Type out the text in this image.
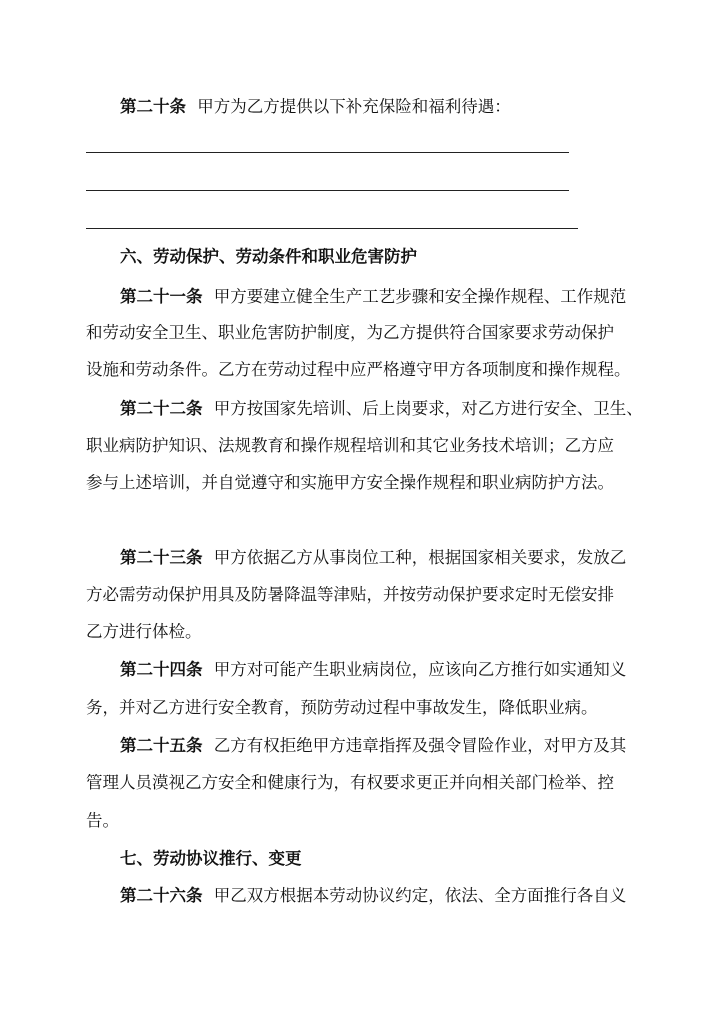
第二十条 甲方为乙方提供以下补充保险和福利待遇：
六、劳动保护、劳动条件和职业危害防护
第二十一条 甲方要建立健全生产工艺步骤和安全操作规程、工作规范
和劳动安全卫生、职业危害防护制度，为乙方提供符合国家要求劳动保护
设施和劳动条件。乙方在劳动过程中应严格遵守甲方各项制度和操作规程。
第二十二条 甲方按国家先培训、后上岗要求，对乙方进行安全、卫生、
职业病防护知识、法规教育和操作规程培训和其它业务技术培训；乙方应
参与上述培训，并自觉遵守和实施甲方安全操作规程和职业病防护方法。
第二十三条 甲方依据乙方从事岗位工种，根据国家相关要求，发放乙
方必需劳动保护用具及防暑降温等津贴，并按劳动保护要求定时无偿安排
乙方进行体检。
第二十四条 甲方对可能产生职业病岗位，应该向乙方推行如实通知义
务，并对乙方进行安全教育，预防劳动过程中事故发生，降低职业病。
第二十五条 乙方有权拒绝甲方违章指挥及强令冒险作业，对甲方及其
管理人员漠视乙方安全和健康行为，有权要求更正并向相关部门检举、控
告。
七、劳动协议推行、变更
第二十六条 甲乙双方根据本劳动协议约定，依法、全方面推行各自义
